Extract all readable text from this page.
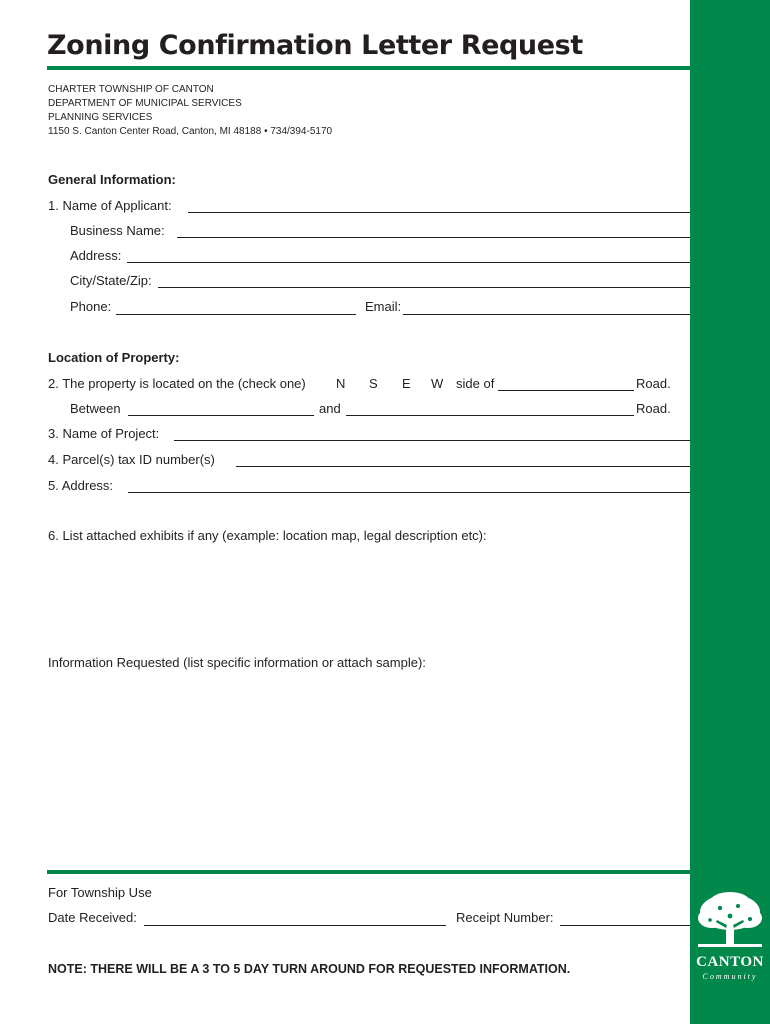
Zoning Confirmation Letter Request
CHARTER TOWNSHIP OF CANTON
DEPARTMENT OF MUNICIPAL SERVICES
PLANNING SERVICES
1150 S. Canton Center Road, Canton, MI 48188 • 734/394-5170
General Information:
1. Name of Applicant:
Business Name:
Address:
City/State/Zip:
Phone:	Email:
Location of Property:
2. The property is located on the (check one) N S E W side of	Road.
Between	and	Road.
3. Name of Project:
4. Parcel(s) tax ID number(s)
5. Address:
6. List attached exhibits if any (example: location map, legal description etc):
Information Requested (list specific information or attach sample):
For Township Use
Date Received:	Receipt Number:
NOTE: THERE WILL BE A 3 TO 5 DAY TURN AROUND FOR REQUESTED INFORMATION.	CANTON
Community
